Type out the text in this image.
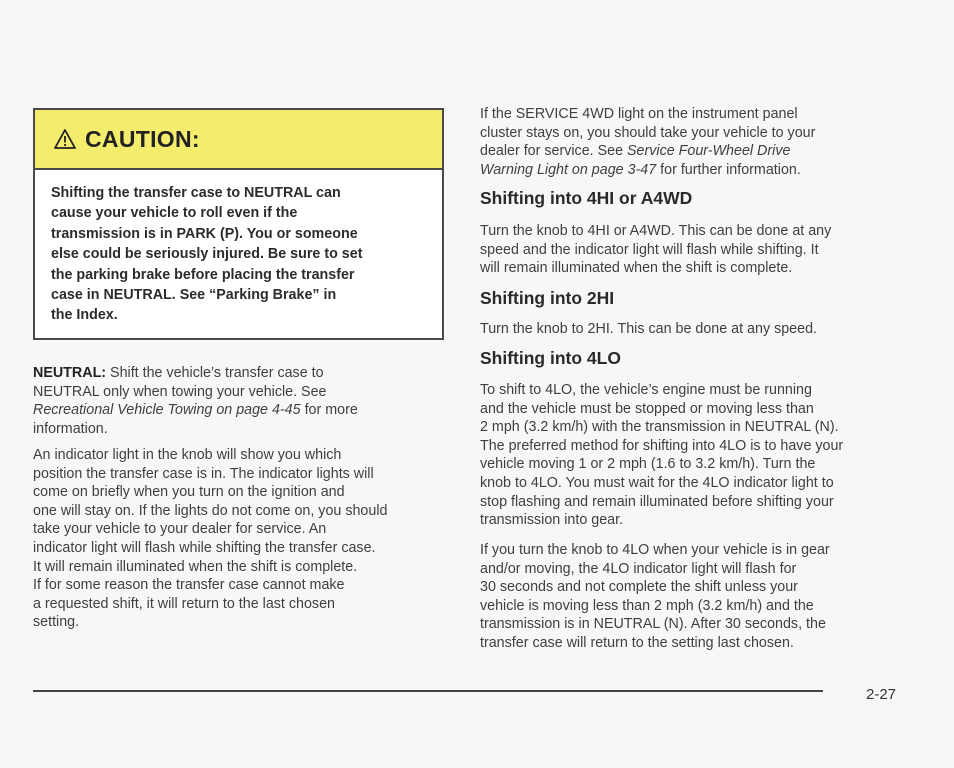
CAUTION:
Shifting the transfer case to NEUTRAL can
cause your vehicle to roll even if the
transmission is in PARK (P). You or someone
else could be seriously injured. Be sure to set
the parking brake before placing the transfer
case in NEUTRAL. See “Parking Brake” in
the Index.
NEUTRAL: Shift the vehicle’s transfer case to
NEUTRAL only when towing your vehicle. See
Recreational Vehicle Towing on page 4-45 for more
information.
An indicator light in the knob will show you which
position the transfer case is in. The indicator lights will
come on briefly when you turn on the ignition and
one will stay on. If the lights do not come on, you should
take your vehicle to your dealer for service. An
indicator light will flash while shifting the transfer case.
It will remain illuminated when the shift is complete.
If for some reason the transfer case cannot make
a requested shift, it will return to the last chosen
setting.
If the SERVICE 4WD light on the instrument panel
cluster stays on, you should take your vehicle to your
dealer for service. See Service Four-Wheel Drive
Warning Light on page 3-47 for further information.
Shifting into 4HI or A4WD
Turn the knob to 4HI or A4WD. This can be done at any
speed and the indicator light will flash while shifting. It
will remain illuminated when the shift is complete.
Shifting into 2HI
Turn the knob to 2HI. This can be done at any speed.
Shifting into 4LO
To shift to 4LO, the vehicle’s engine must be running
and the vehicle must be stopped or moving less than
2 mph (3.2 km/h) with the transmission in NEUTRAL (N).
The preferred method for shifting into 4LO is to have your
vehicle moving 1 or 2 mph (1.6 to 3.2 km/h). Turn the
knob to 4LO. You must wait for the 4LO indicator light to
stop flashing and remain illuminated before shifting your
transmission into gear.
If you turn the knob to 4LO when your vehicle is in gear
and/or moving, the 4LO indicator light will flash for
30 seconds and not complete the shift unless your
vehicle is moving less than 2 mph (3.2 km/h) and the
transmission is in NEUTRAL (N). After 30 seconds, the
transfer case will return to the setting last chosen.
2-27
